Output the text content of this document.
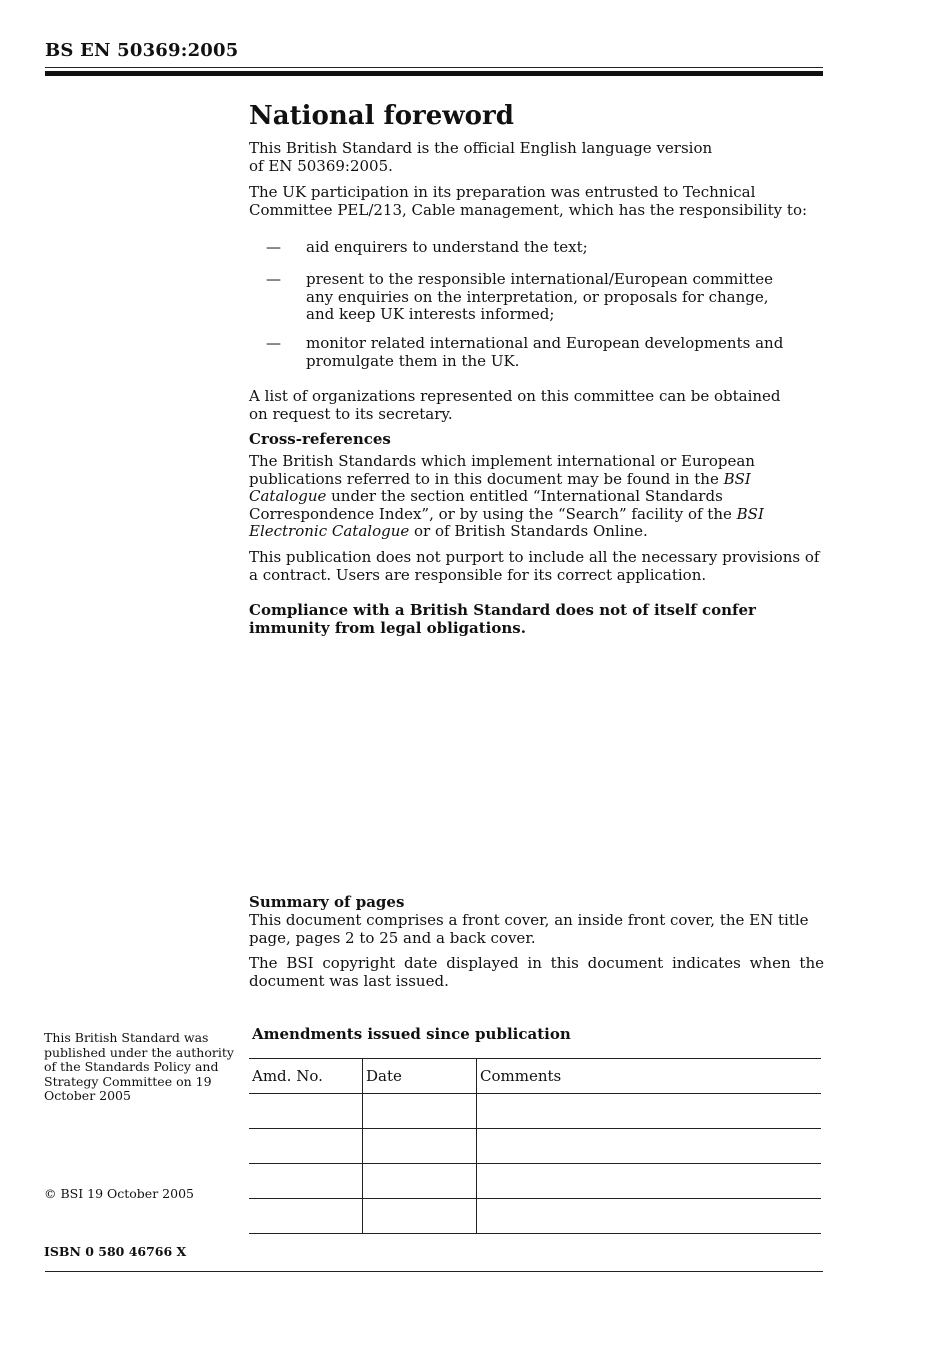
BS EN 50369:2005
National foreword
This British Standard is the official English language version of EN 50369:2005.
The UK participation in its preparation was entrusted to Technical Committee PEL/213, Cable management, which has the responsibility to:
— aid enquirers to understand the text;
— present to the responsible international/European committee any enquiries on the interpretation, or proposals for change, and keep UK interests informed;
— monitor related international and European developments and promulgate them in the UK.
A list of organizations represented on this committee can be obtained on request to its secretary.
Cross-references
The British Standards which implement international or European publications referred to in this document may be found in the BSI Catalogue under the section entitled “International Standards Correspondence Index”, or by using the “Search” facility of the BSI Electronic Catalogue or of British Standards Online.
This publication does not purport to include all the necessary provisions of a contract. Users are responsible for its correct application.
Compliance with a British Standard does not of itself confer immunity from legal obligations.
Summary of pages
This document comprises a front cover, an inside front cover, the EN title page, pages 2 to 25 and a back cover.
The BSI copyright date displayed in this document indicates when the document was last issued.
This British Standard was published under the authority of the Standards Policy and Strategy Committee on 19 October 2005
© BSI 19 October 2005
Amendments issued since publication
Amd. No.	Date	Comments

ISBN 0 580 46766 X
